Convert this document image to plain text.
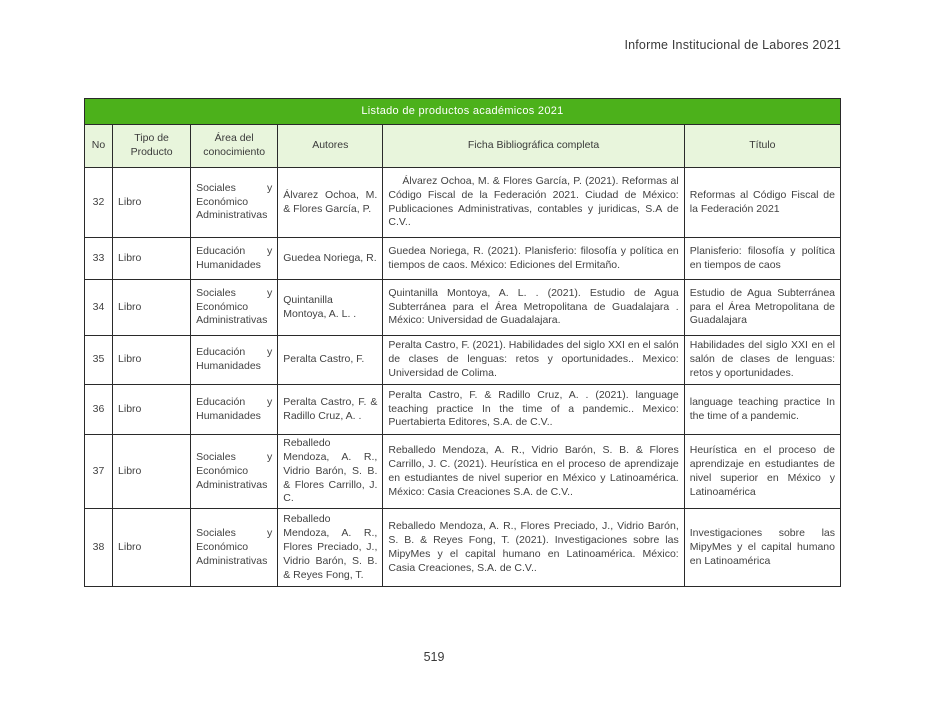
Informe Institucional de Labores 2021
Listado de productos académicos 2021					
No	Tipo de Producto	Área del conocimiento	Autores	Ficha Bibliográfica completa	Título
32	Libro	Sociales y Económico Administrativas	Álvarez Ochoa, M. & Flores García, P.	Álvarez Ochoa, M. & Flores García, P. (2021). Reformas al Código Fiscal de la Federación 2021. Ciudad de México: Publicaciones Administrativas, contables y juridicas, S.A de C.V..	Reformas al Código Fiscal de la Federación 2021
33	Libro	Educación y Humanidades	Guedea Noriega, R.	Guedea Noriega, R. (2021). Planisferio: filosofía y política en tiempos de caos. México: Ediciones del Ermitaño.	Planisferio: filosofía y política en tiempos de caos
34	Libro	Sociales y Económico Administrativas	Quintanilla Montoya, A. L. .	Quintanilla Montoya, A. L. . (2021). Estudio de Agua Subterránea para el Área Metropolitana de Guadalajara . México: Universidad de Guadalajara.	Estudio de Agua Subterránea para el Área Metropolitana de Guadalajara
35	Libro	Educación y Humanidades	Peralta Castro, F.	Peralta Castro, F. (2021). Habilidades del siglo XXI en el salón de clases de lenguas: retos y oportunidades.. Mexico: Universidad de Colima.	Habilidades del siglo XXI en el salón de clases de lenguas: retos y oportunidades.
36	Libro	Educación y Humanidades	Peralta Castro, F. & Radillo Cruz, A. .	Peralta Castro, F. & Radillo Cruz, A. . (2021). language teaching practice In the time of a pandemic.. Mexico: Puertabierta Editores, S.A. de C.V..	language teaching practice In the time of a pandemic.
37	Libro	Sociales y Económico Administrativas	Reballedo Mendoza, A. R., Vidrio Barón, S. B. & Flores Carrillo, J. C.	Reballedo Mendoza, A. R., Vidrio Barón, S. B. & Flores Carrillo, J. C. (2021). Heurística en el proceso de aprendizaje en estudiantes de nivel superior en México y Latinoamérica. México: Casia Creaciones S.A. de C.V..	Heurística en el proceso de aprendizaje en estudiantes de nivel superior en México y Latinoamérica
38	Libro	Sociales y Económico Administrativas	Reballedo Mendoza, A. R., Flores Preciado, J., Vidrio Barón, S. B. & Reyes Fong, T.	Reballedo Mendoza, A. R., Flores Preciado, J., Vidrio Barón, S. B. & Reyes Fong, T. (2021). Investigaciones sobre las MipyMes y el capital humano en Latinoamérica. México: Casia Creaciones, S.A. de C.V..	Investigaciones sobre las MipyMes y el capital humano en Latinoamérica
519
